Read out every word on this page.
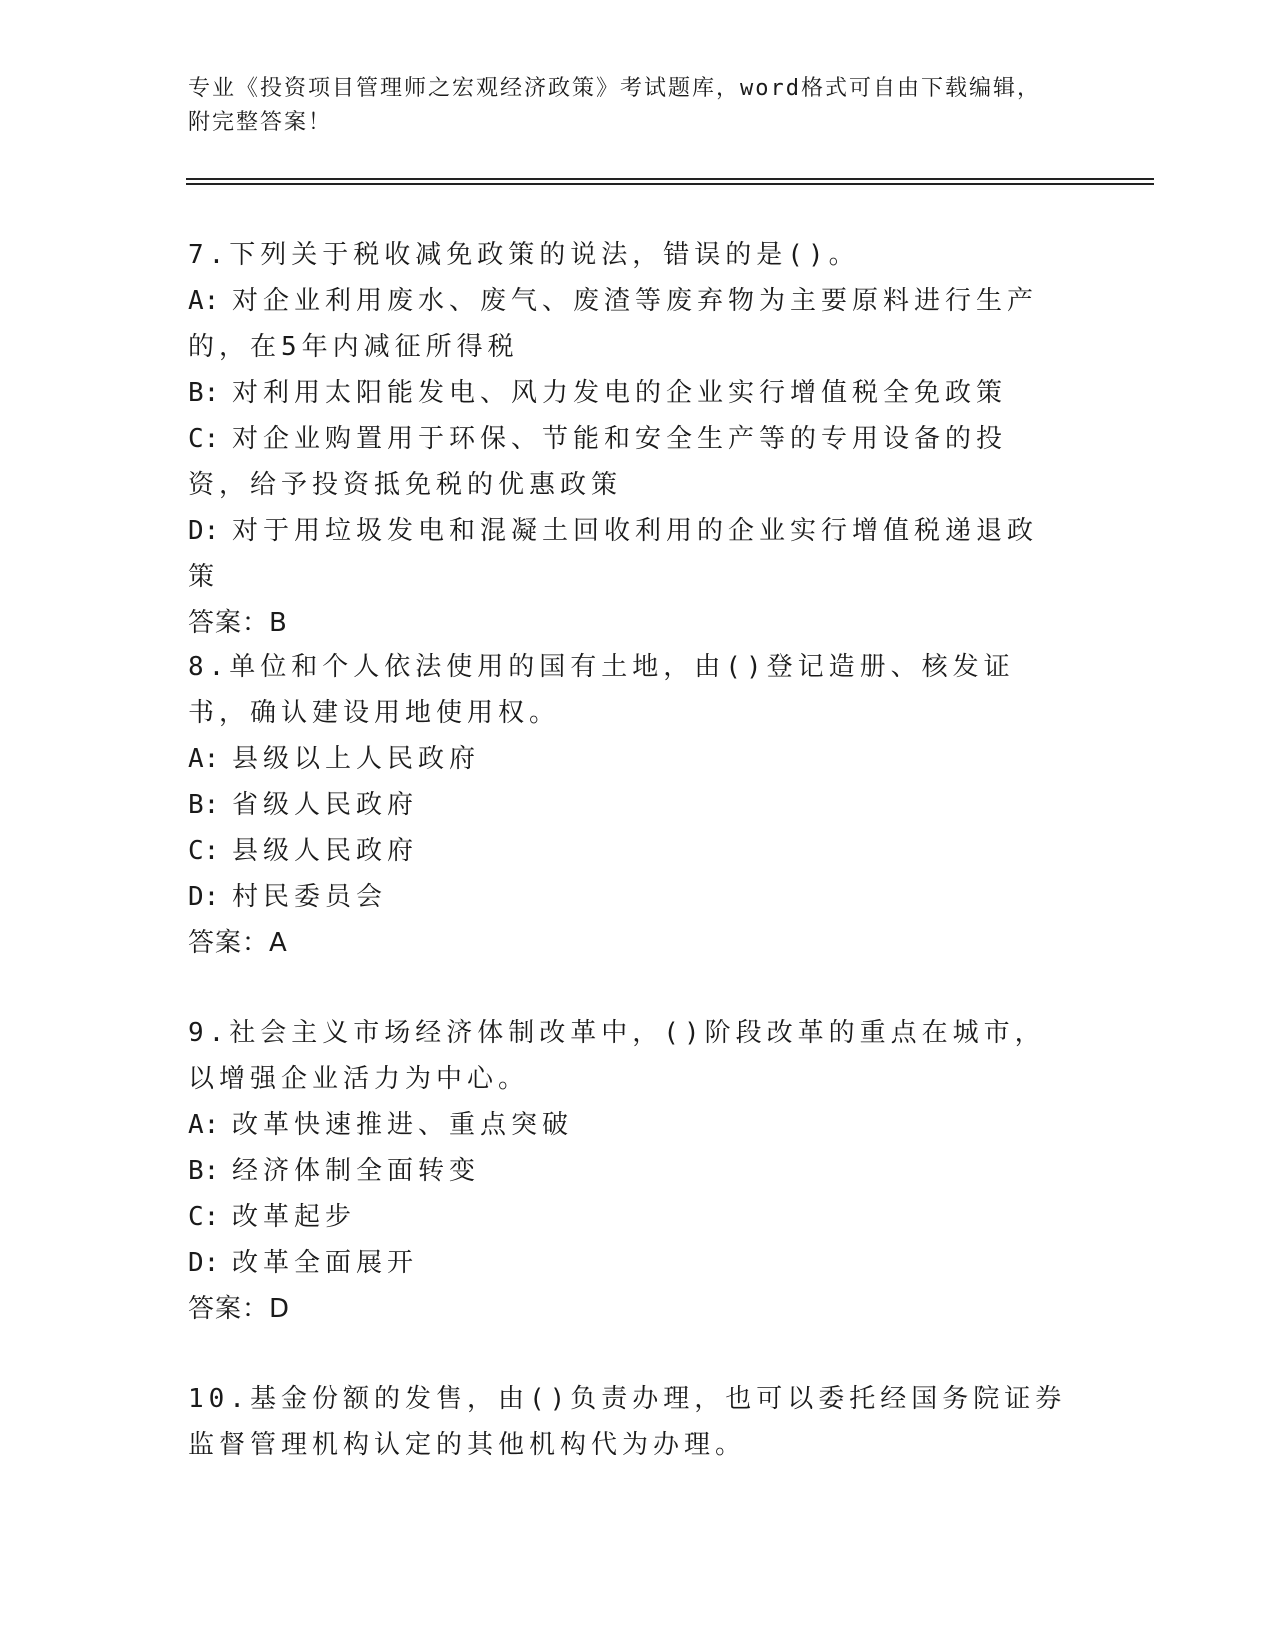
专业《投资项目管理师之宏观经济政策》考试题库，word格式可自由下载编辑，
附完整答案！
7.下列关于税收减免政策的说法，错误的是()。
A: 对企业利用废水、废气、废渣等废弃物为主要原料进行生产的，在5年内减征所得税
B: 对利用太阳能发电、风力发电的企业实行增值税全免政策
C: 对企业购置用于环保、节能和安全生产等的专用设备的投资，给予投资抵免税的优惠政策
D: 对于用垃圾发电和混凝土回收利用的企业实行增值税递退政策
答案：B
8.单位和个人依法使用的国有土地，由()登记造册、核发证书，确认建设用地使用权。
A: 县级以上人民政府
B: 省级人民政府
C: 县级人民政府
D: 村民委员会
答案：A
9.社会主义市场经济体制改革中，()阶段改革的重点在城市，以增强企业活力为中心。
A: 改革快速推进、重点突破
B: 经济体制全面转变
C: 改革起步
D: 改革全面展开
答案：D
10.基金份额的发售，由()负责办理，也可以委托经国务院证券监督管理机构认定的其他机构代为办理。
